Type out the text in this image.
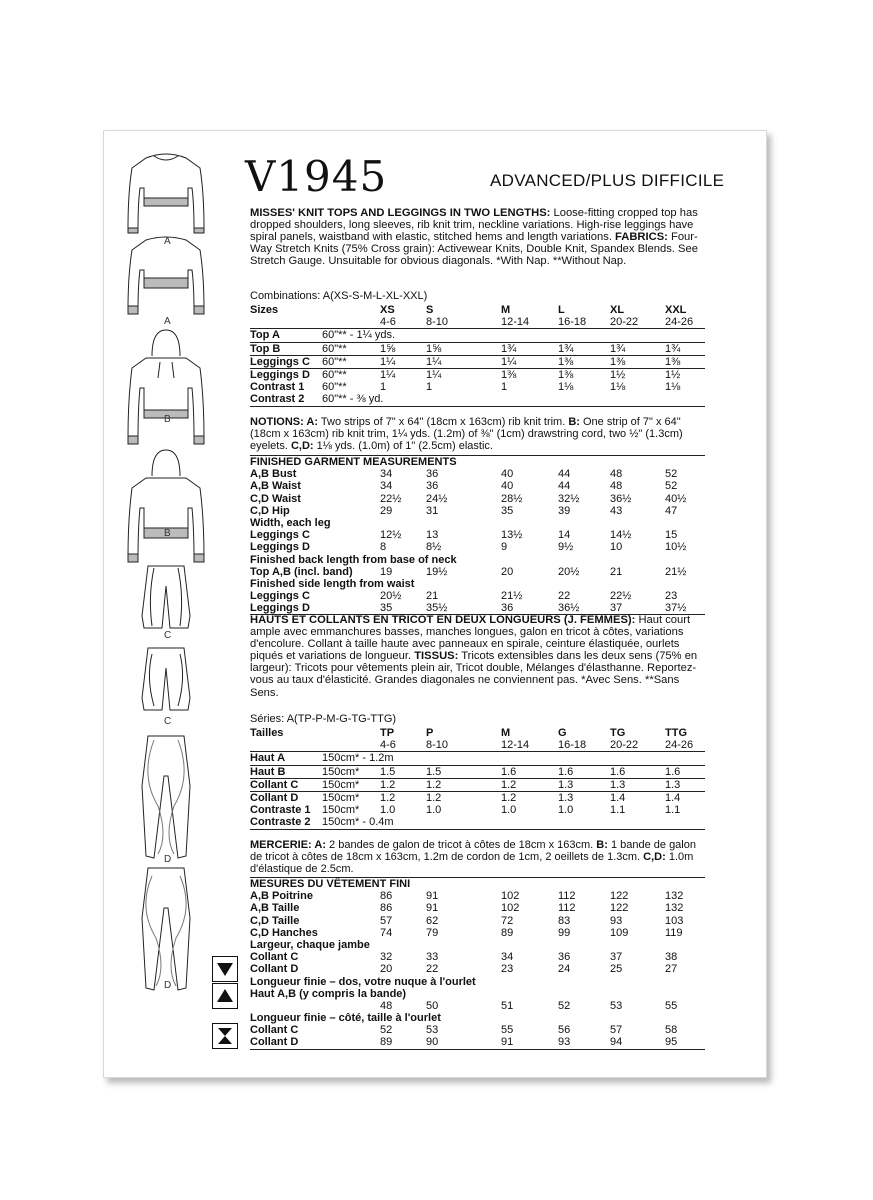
A
A
B
B
C
C
D
D
V1945	ADVANCED/PLUS DIFFICILE
MISSES' KNIT TOPS AND LEGGINGS IN TWO LENGTHS: Loose-fitting cropped top has dropped shoulders, long sleeves, rib knit trim, neckline variations. High-rise leggings have spiral panels, waistband with elastic, stitched hems and length variations. FABRICS: Four-Way Stretch Knits (75% Cross grain): Activewear Knits, Double Knit, Spandex Blends. See Stretch Gauge. Unsuitable for obvious diagonals. *With Nap. **Without Nap.
Combinations: A(XS-S-M-L-XL-XXL)
Sizes	XS	S	M	L	XL	XXL
4-6	8-10	12-14	16-18 20-22 24-26
Top A	60"** - 1¼ yds.
Top B	60"**	1⅝	1⅝	1¾	1¾	1¾	1¾
Leggings C 60"**	1¼	1¼	1¼	1⅜	1⅜	1⅜
Leggings D 60"**	1¼	1¼	1⅜	1⅜	1½	1½
Contrast 1 60"**	1	1	1	1⅛	1⅛	1⅛
Contrast 2 60"** - ⅜ yd.
NOTIONS: A: Two strips of 7" x 64" (18cm x 163cm) rib knit trim. B: One strip of 7" x 64" (18cm x 163cm) rib knit trim, 1¼ yds. (1.2m) of ⅜" (1cm) drawstring cord, two ½" (1.3cm) eyelets. C,D: 1⅛ yds. (1.0m) of 1" (2.5cm) elastic.
FINISHED GARMENT MEASUREMENTS
A,B Bust	34	36	40	44	48	52
A,B Waist	34	36	40	44	48	52
C,D Waist	22½ 24½	28½	32½	36½	40½
C,D Hip	29	31	35	39	43	47
Width, each leg
Leggings C	12½ 13	13½	14	14½	15
Leggings D	8	8½	9	9½	10	10½
Finished back length from base of neck
Top A,B (incl. band) 19	19½	20	20½	21	21½
Finished side length from waist
Leggings C	20½ 21	21½	22	22½	23
Leggings D	35	35½	36	36½	37	37½
HAUTS ET COLLANTS EN TRICOT EN DEUX LONGUEURS (J. FEMMES): Haut court ample avec emmanchures basses, manches longues, galon en tricot à côtes, variations d'encolure. Collant à taille haute avec panneaux en spirale, ceinture élastiquée, ourlets piqués et variations de longueur. TISSUS: Tricots extensibles dans les deux sens (75% en largeur): Tricots pour vêtements plein air, Tricot double, Mélanges d'élasthanne. Reportez-vous au taux d'élasticité. Grandes diagonales ne conviennent pas. *Avec Sens. **Sans Sens.
Séries: A(TP-P-M-G-TG-TTG)
Tailles	TP	P	M	G	TG	TTG
4-6	8-10	12-14	16-18 20-22 24-26
Haut A	150cm* - 1.2m
Haut B	150cm* 1.5	1.5	1.6	1.6	1.6	1.6
Collant C 150cm* 1.2	1.2	1.2	1.3	1.3	1.3
Collant D 150cm* 1.2	1.2	1.2	1.3	1.4	1.4
Contraste 1 150cm* 1.0	1.0	1.0	1.0	1.1	1.1
Contraste 2 150cm* - 0.4m
MERCERIE: A: 2 bandes de galon de tricot à côtes de 18cm x 163cm. B: 1 bande de galon de tricot à côtes de 18cm x 163cm, 1.2m de cordon de 1cm, 2 oeillets de 1.3cm. C,D: 1.0m d'élastique de 2.5cm.
MESURES DU VÊTEMENT FINI
A,B Poitrine	86	91	102	112	122	132
A,B Taille	86	91	102	112	122	132
C,D Taille	57	62	72	83	93	103
C,D Hanches	74	79	89	99	109	119
Largeur, chaque jambe
Collant C	32	33	34	36	37	38
Collant D	20	22	23	24	25	27
Longueur finie – dos, votre nuque à l'ourlet
Haut A,B (y compris la bande)
48	50	51	52	53	55
Longueur finie – côté, taille à l'ourlet
Collant C	52	53	55	56	57	58
Collant D	89	90	91	93	94	95
